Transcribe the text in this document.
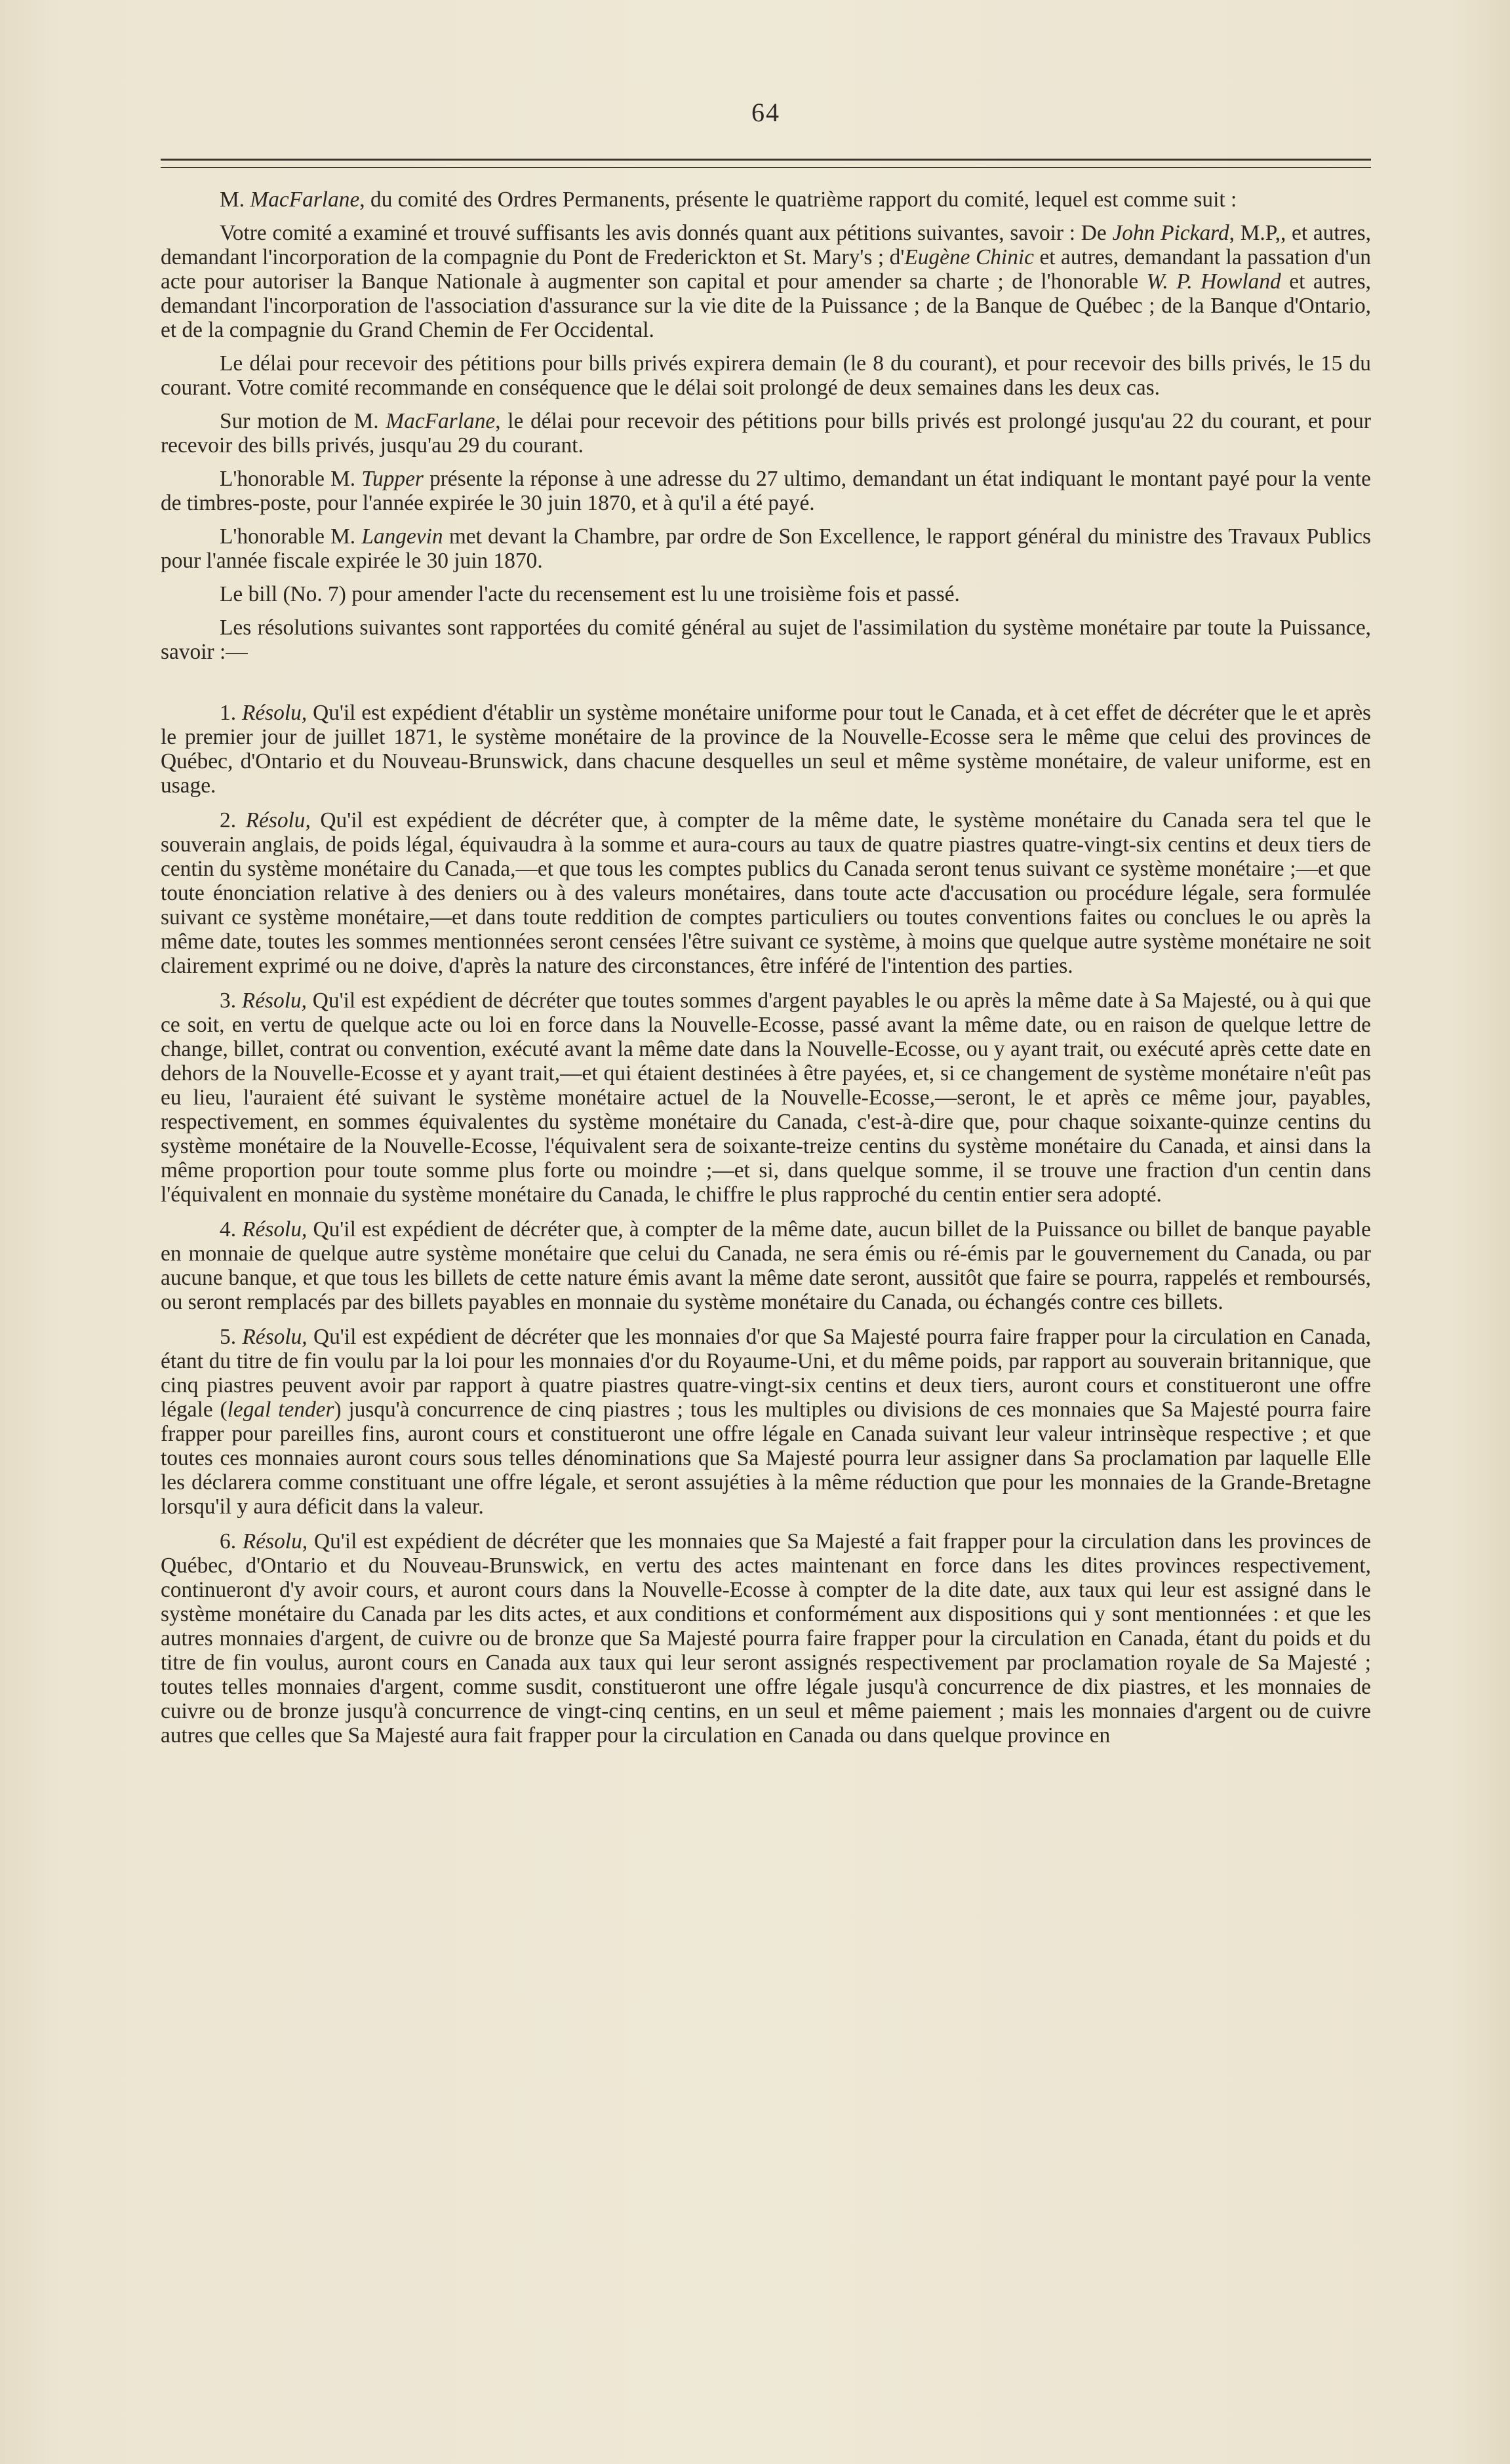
64

M. MacFarlane, du comité des Ordres Permanents, présente le quatrième rapport du comité, lequel est comme suit :

Votre comité a examiné et trouvé suffisants les avis donnés quant aux pétitions suivantes, savoir : De John Pickard, M.P,, et autres, demandant l'incorporation de la compagnie du Pont de Frederickton et St. Mary's ; d'Eugène Chinic et autres, demandant la passation d'un acte pour autoriser la Banque Nationale à augmenter son capital et pour amender sa charte ; de l'honorable W. P. Howland et autres, demandant l'incorporation de l'association d'assurance sur la vie dite de la Puissance ; de la Banque de Québec ; de la Banque d'Ontario, et de la compagnie du Grand Chemin de Fer Occidental.

Le délai pour recevoir des pétitions pour bills privés expirera demain (le 8 du courant), et pour recevoir des bills privés, le 15 du courant. Votre comité recommande en conséquence que le délai soit prolongé de deux semaines dans les deux cas.

Sur motion de M. MacFarlane, le délai pour recevoir des pétitions pour bills privés est prolongé jusqu'au 22 du courant, et pour recevoir des bills privés, jusqu'au 29 du courant.

L'honorable M. Tupper présente la réponse à une adresse du 27 ultimo, demandant un état indiquant le montant payé pour la vente de timbres-poste, pour l'année expirée le 30 juin 1870, et à qu'il a été payé.

L'honorable M. Langevin met devant la Chambre, par ordre de Son Excellence, le rapport général du ministre des Travaux Publics pour l'année fiscale expirée le 30 juin 1870.

Le bill (No. 7) pour amender l'acte du recensement est lu une troisième fois et passé.

Les résolutions suivantes sont rapportées du comité général au sujet de l'assimilation du système monétaire par toute la Puissance, savoir :—

1. Résolu, Qu'il est expédient d'établir un système monétaire uniforme pour tout le Canada, et à cet effet de décréter que le et après le premier jour de juillet 1871, le système monétaire de la province de la Nouvelle-Ecosse sera le même que celui des provinces de Québec, d'Ontario et du Nouveau-Brunswick, dans chacune desquelles un seul et même système monétaire, de valeur uniforme, est en usage.

2. Résolu, Qu'il est expédient de décréter que, à compter de la même date, le système monétaire du Canada sera tel que le souverain anglais, de poids légal, équivaudra à la somme et aura-cours au taux de quatre piastres quatre-vingt-six centins et deux tiers de centin du système monétaire du Canada,—et que tous les comptes publics du Canada seront tenus suivant ce système monétaire ;—et que toute énonciation relative à des deniers ou à des valeurs monétaires, dans toute acte d'accusation ou procédure légale, sera formulée suivant ce système monétaire,—et dans toute reddition de comptes particuliers ou toutes conventions faites ou conclues le ou après la même date, toutes les sommes mentionnées seront censées l'être suivant ce système, à moins que quelque autre système monétaire ne soit clairement exprimé ou ne doive, d'après la nature des circonstances, être inféré de l'intention des parties.

3. Résolu, Qu'il est expédient de décréter que toutes sommes d'argent payables le ou après la même date à Sa Majesté, ou à qui que ce soit, en vertu de quelque acte ou loi en force dans la Nouvelle-Ecosse, passé avant la même date, ou en raison de quelque lettre de change, billet, contrat ou convention, exécuté avant la même date dans la Nouvelle-Ecosse, ou y ayant trait, ou exécuté après cette date en dehors de la Nouvelle-Ecosse et y ayant trait,—et qui étaient destinées à être payées, et, si ce changement de système monétaire n'eût pas eu lieu, l'auraient été suivant le système monétaire actuel de la Nouvelle-Ecosse,—seront, le et après ce même jour, payables, respectivement, en sommes équivalentes du système monétaire du Canada, c'est-à-dire que, pour chaque soixante-quinze centins du système monétaire de la Nouvelle-Ecosse, l'équivalent sera de soixante-treize centins du système monétaire du Canada, et ainsi dans la même proportion pour toute somme plus forte ou moindre ;—et si, dans quelque somme, il se trouve une fraction d'un centin dans l'équivalent en monnaie du système monétaire du Canada, le chiffre le plus rapproché du centin entier sera adopté.

4. Résolu, Qu'il est expédient de décréter que, à compter de la même date, aucun billet de la Puissance ou billet de banque payable en monnaie de quelque autre système monétaire que celui du Canada, ne sera émis ou ré-émis par le gouvernement du Canada, ou par aucune banque, et que tous les billets de cette nature émis avant la même date seront, aussitôt que faire se pourra, rappelés et remboursés, ou seront remplacés par des billets payables en monnaie du système monétaire du Canada, ou échangés contre ces billets.

5. Résolu, Qu'il est expédient de décréter que les monnaies d'or que Sa Majesté pourra faire frapper pour la circulation en Canada, étant du titre de fin voulu par la loi pour les monnaies d'or du Royaume-Uni, et du même poids, par rapport au souverain britannique, que cinq piastres peuvent avoir par rapport à quatre piastres quatre-vingt-six centins et deux tiers, auront cours et constitueront une offre légale (legal tender) jusqu'à concurrence de cinq piastres ; tous les multiples ou divisions de ces monnaies que Sa Majesté pourra faire frapper pour pareilles fins, auront cours et constitueront une offre légale en Canada suivant leur valeur intrinsèque respective ; et que toutes ces monnaies auront cours sous telles dénominations que Sa Majesté pourra leur assigner dans Sa proclamation par laquelle Elle les déclarera comme constituant une offre légale, et seront assujéties à la même réduction que pour les monnaies de la Grande-Bretagne lorsqu'il y aura déficit dans la valeur.

6. Résolu, Qu'il est expédient de décréter que les monnaies que Sa Majesté a fait frapper pour la circulation dans les provinces de Québec, d'Ontario et du Nouveau-Brunswick, en vertu des actes maintenant en force dans les dites provinces respectivement, continueront d'y avoir cours, et auront cours dans la Nouvelle-Ecosse à compter de la dite date, aux taux qui leur est assigné dans le système monétaire du Canada par les dits actes, et aux conditions et conformément aux dispositions qui y sont mentionnées : et que les autres monnaies d'argent, de cuivre ou de bronze que Sa Majesté pourra faire frapper pour la circulation en Canada, étant du poids et du titre de fin voulus, auront cours en Canada aux taux qui leur seront assignés respectivement par proclamation royale de Sa Majesté ; toutes telles monnaies d'argent, comme susdit, constitueront une offre légale jusqu'à concurrence de dix piastres, et les monnaies de cuivre ou de bronze jusqu'à concurrence de vingt-cinq centins, en un seul et même paiement ; mais les monnaies d'argent ou de cuivre autres que celles que Sa Majesté aura fait frapper pour la circulation en Canada ou dans quelque province en
